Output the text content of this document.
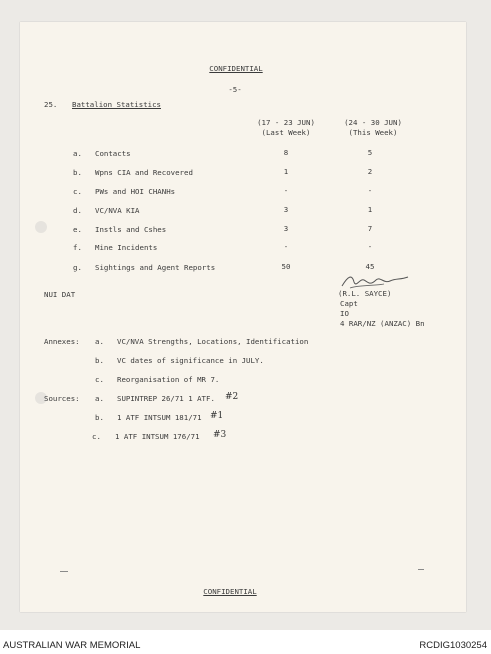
CONFIDENTIAL
-5-
25. Battalion Statistics
(17 - 23 JUN)
(Last Week)
(24 - 30 JUN)
(This Week)
a. Contacts	8	5
b. Wpns CIA and Recovered	1	2
c. PWs and HOI CHANHs	-	-
d. VC/NVA KIA	3	1
e. Instls and Cshes	3	7
f. Mine Incidents	-	-
g. Sightings and Agent Reports	50	45
NUI DAT	(R.L. SAYCE)
Capt
IO
4 RAR/NZ (ANZAC) Bn
Annexes: a. VC/NVA Strengths, Locations, Identification
b. VC dates of significance in JULY.
c. Reorganisation of MR 7.
Sources: a. SUPINTREP 26/71 1 ATF. #2
b. 1 ATF INTSUM 181/71 #1
c. 1 ATF INTSUM 176/71 #3
CONFIDENTIAL
AUSTRALIAN WAR MEMORIAL	RCDIG1030254
